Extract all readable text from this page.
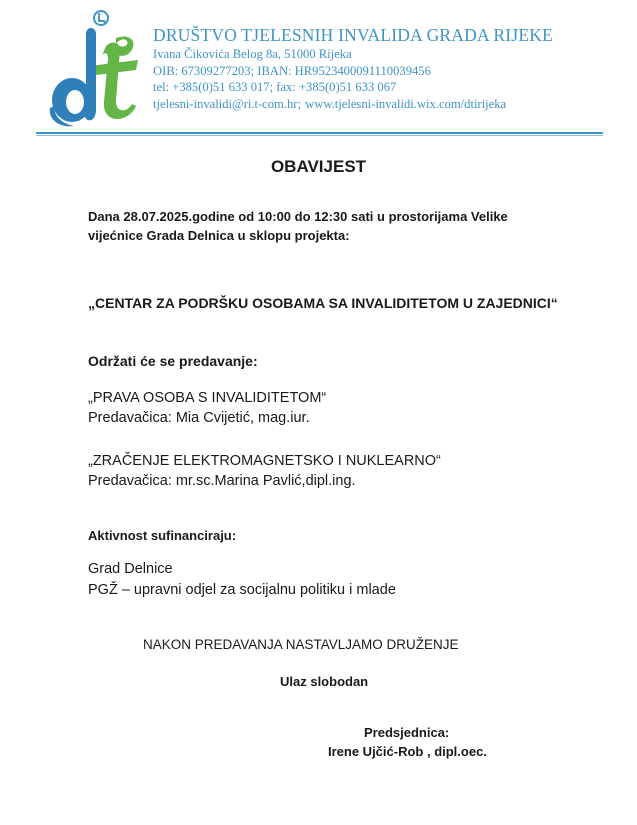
DRUŠTVO TJELESNIH INVALIDA GRADA RIJEKE
Ivana Čikovića Belog 8a, 51000 Rijeka
OIB: 67309277203; IBAN: HR9523400091110039456
tel: +385(0)51 633 017; fax: +385(0)51 633 067
tjelesni-invalidi@ri.t-com.hr; www.tjelesni-invalidi.wix.com/dtirijeka
OBAVIJEST
Dana 28.07.2025.godine od 10:00 do 12:30 sati u prostorijama Velike
vijećnice Grada Delnica u sklopu projekta:
„CENTAR ZA PODRŠKU OSOBAMA SA INVALIDITETOM U ZAJEDNICI“
Održati će se predavanje:
„PRAVA OSOBA S INVALIDITETOM“
Predavačica: Mia Cvijetić, mag.iur.
„ZRAČENJE ELEKTROMAGNETSKO I NUKLEARNO“
Predavačica: mr.sc.Marina Pavlić,dipl.ing.
Aktivnost sufinanciraju:
Grad Delnice
PGŽ – upravni odjel za socijalnu politiku i mlade
NAKON PREDAVANJA NASTAVLJAMO DRUŽENJE
Ulaz slobodan
Predsjednica:
Irene Ujčić-Rob , dipl.oec.
